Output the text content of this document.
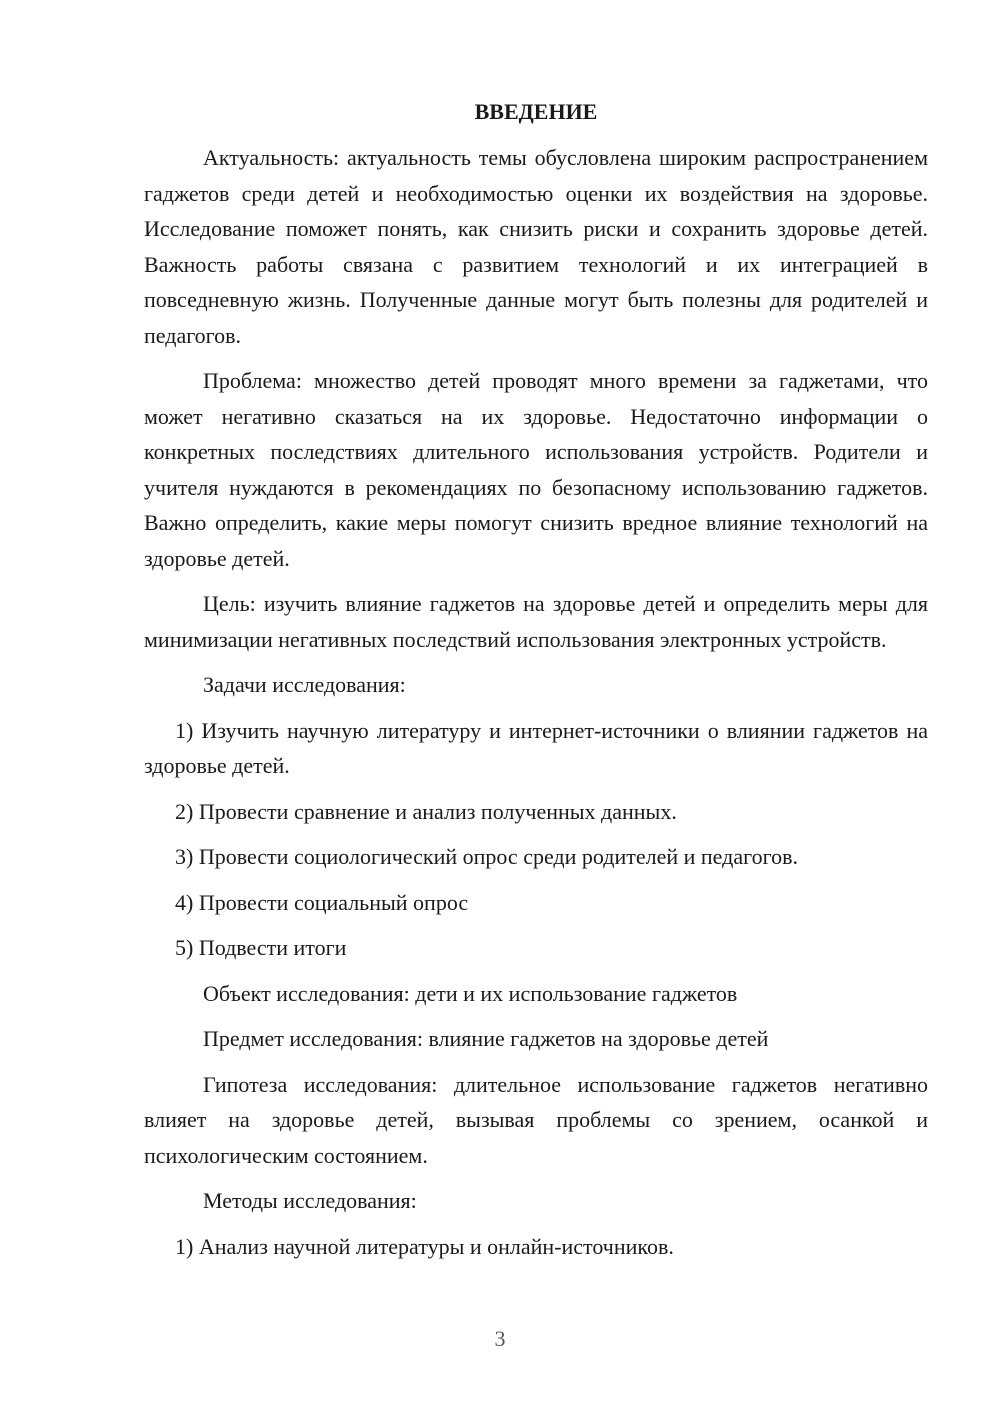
ВВЕДЕНИЕ

Актуальность: актуальность темы обусловлена широким распространением гаджетов среди детей и необходимостью оценки их воздействия на здоровье. Исследование поможет понять, как снизить риски и сохранить здоровье детей. Важность работы связана с развитием технологий и их интеграцией в повседневную жизнь. Полученные данные могут быть полезны для родителей и педагогов.

Проблема: множество детей проводят много времени за гаджетами, что может негативно сказаться на их здоровье. Недостаточно информации о конкретных последствиях длительного использования устройств. Родители и учителя нуждаются в рекомендациях по безопасному использованию гаджетов. Важно определить, какие меры помогут снизить вредное влияние технологий на здоровье детей.

Цель: изучить влияние гаджетов на здоровье детей и определить меры для минимизации негативных последствий использования электронных устройств.

Задачи исследования:

1) Изучить научную литературу и интернет-источники о влиянии гаджетов на здоровье детей.

2) Провести сравнение и анализ полученных данных.

3) Провести социологический опрос среди родителей и педагогов.

4) Провести социальный опрос

5) Подвести итоги

Объект исследования: дети и их использование гаджетов

Предмет исследования: влияние гаджетов на здоровье детей

Гипотеза исследования: длительное использование гаджетов негативно влияет на здоровье детей, вызывая проблемы со зрением, осанкой и психологическим состоянием.

Методы исследования:

1) Анализ научной литературы и онлайн-источников.

3
